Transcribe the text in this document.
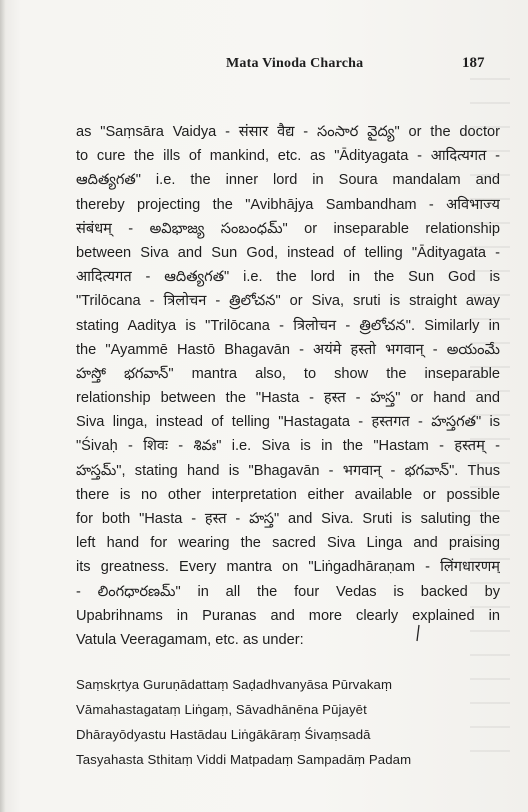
Mata Vinoda Charcha	187
as "Saṃsāra Vaidya - संसार वैद्य - సంసార వైద్య" or the doctor
to cure the ills of mankind, etc. as "Ādityagata - आदित्यगत -
ఆదిత్యగత" i.e. the inner lord in Soura mandalam and
thereby projecting the "Avibhājya Sambandham - अविभाज्य
संबंधम् - అవిభాజ్య సంబంధమ్" or inseparable relationship
between Siva and Sun God, instead of telling "Ādityagata -
आदित्यगत - ఆదిత్యగత" i.e. the lord in the Sun God is
"Trilōcana - त्रिलोचन - త్రిలోచన" or Siva, sruti is straight away
stating Aaditya is "Trilōcana - त्रिलोचन - త్రిలోచన". Similarly in
the "Ayammē Hastō Bhagavān - अयंमे हस्तो भगवान् - అయంమే
హస్తో భగవాన్" mantra also, to show the inseparable
relationship between the "Hasta - हस्त - హస్త" or hand and
Siva linga, instead of telling "Hastagata - हस्तगत - హస్తగత" is
"Śivaḥ - शिवः - శివః" i.e. Siva is in the "Hastam - हस्तम् -
హస్తమ్", stating hand is "Bhagavān - भगवान् - భగవాన్". Thus
there is no other interpretation either available or possible
for both "Hasta - हस्त - హస్త" and Siva. Sruti is saluting the
left hand for wearing the sacred Siva Linga and praising
its greatness. Every mantra on "Liṅgadhāraṇam - लिंगधारणम्
- లింగధారణమ్" in all the four Vedas is backed by
Upabrihnams in Puranas and more clearly explained in
Vatula Veeragamam, etc. as under:
Saṃskṛtya Guruṇādattaṃ Saḍadhvanyāsa Pūrvakaṃ
Vāmahastagataṃ Liṅgaṃ, Sāvadhānēna Pūjayēt
Dhārayōdyastu Hastādau Liṅgākāraṃ Śivaṃsadā
Tasyahasta Sthitaṃ Viddi Matpadaṃ Sampadāṃ Padam
